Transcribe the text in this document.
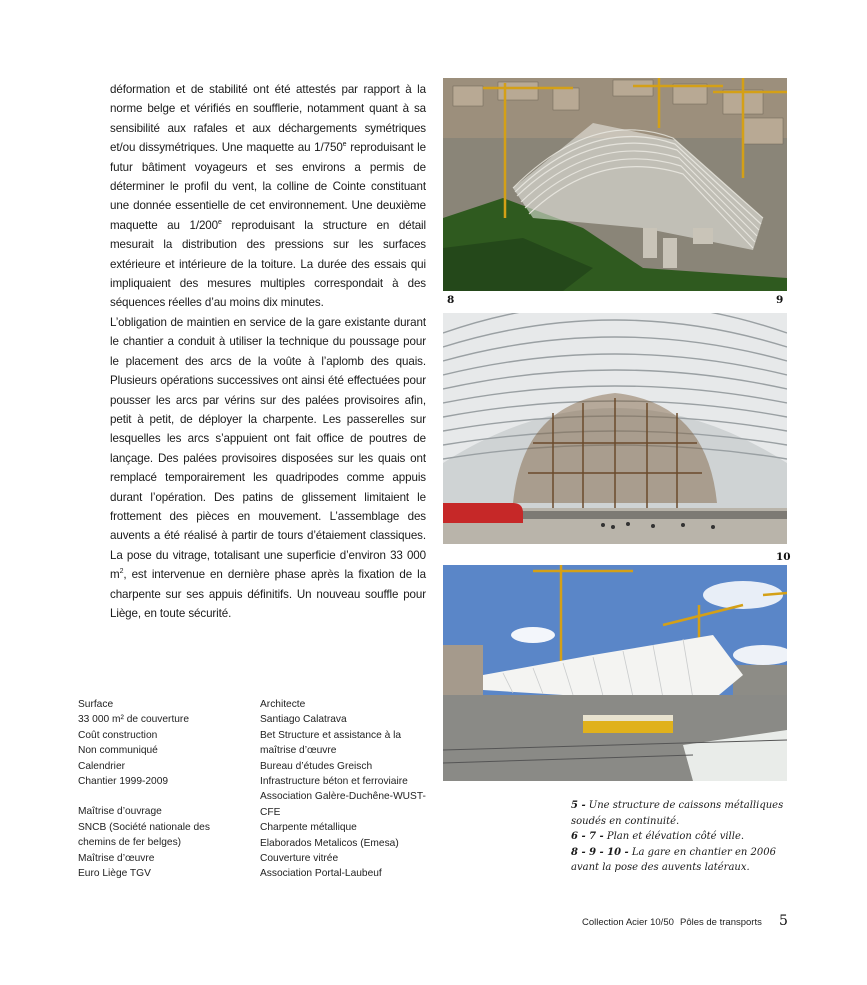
déformation et de stabilité ont été attestés par rapport à la norme belge et vérifiés en soufflerie, notamment quant à sa sensibilité aux rafales et aux déchargements symétriques et/ou dissymétriques. Une maquette au 1/750e reproduisant le futur bâtiment voyageurs et ses environs a permis de déterminer le profil du vent, la colline de Cointe constituant une donnée essentielle de cet environnement. Une deuxième maquette au 1/200e reproduisant la structure en détail mesurait la distribution des pressions sur les surfaces extérieure et intérieure de la toiture. La durée des essais qui impliquaient des mesures multiples correspondait à des séquences réelles d’au moins dix minutes.

L’obligation de maintien en service de la gare existante durant le chantier a conduit à utiliser la technique du poussage pour le placement des arcs de la voûte à l’aplomb des quais. Plusieurs opérations successives ont ainsi été effectuées pour pousser les arcs par vérins sur des palées provisoires afin, petit à petit, de déployer la charpente. Les passerelles sur lesquelles les arcs s’appuient ont fait office de poutres de lançage. Des palées provisoires disposées sur les quais ont remplacé temporairement les quadripodes comme appuis durant l’opération. Des patins de glissement limitaient le frottement des pièces en mouvement. L’assemblage des auvents a été réalisé à partir de tours d’étaiement classiques. La pose du vitrage, totalisant une superficie d’environ 33 000 $m^2$, est intervenue en dernière phase après la fixation de la charpente sur ses appuis définitifs. Un nouveau souffle pour Liège, en toute sécurité.

Surface
33 000 m² de couverture
Coût construction
Non communiqué
Calendrier
Chantier 1999-2009
Maîtrise d’ouvrage
SNCB (Société nationale des chemins de fer belges)
Maîtrise d’œuvre
Euro Liège TGV
Architecte
Santiago Calatrava
Bet Structure et assistance à la maîtrise d’œuvre
Bureau d’études Greisch
Infrastructure béton et ferroviaire
Association Galère-Duchêne-WUST-CFE
Charpente métallique
Elaborados Metalicos (Emesa)
Couverture vitrée
Association Portal-Laubeuf
8	9
10

5 - Une structure de caissons métalliques soudés en continuité.

6 - 7 - Plan et élévation côté ville.

8 - 9 - 10 - La gare en chantier en 2006 avant la pose des auvents latéraux.

Collection Acier 10/50 Pôles de transports 5
